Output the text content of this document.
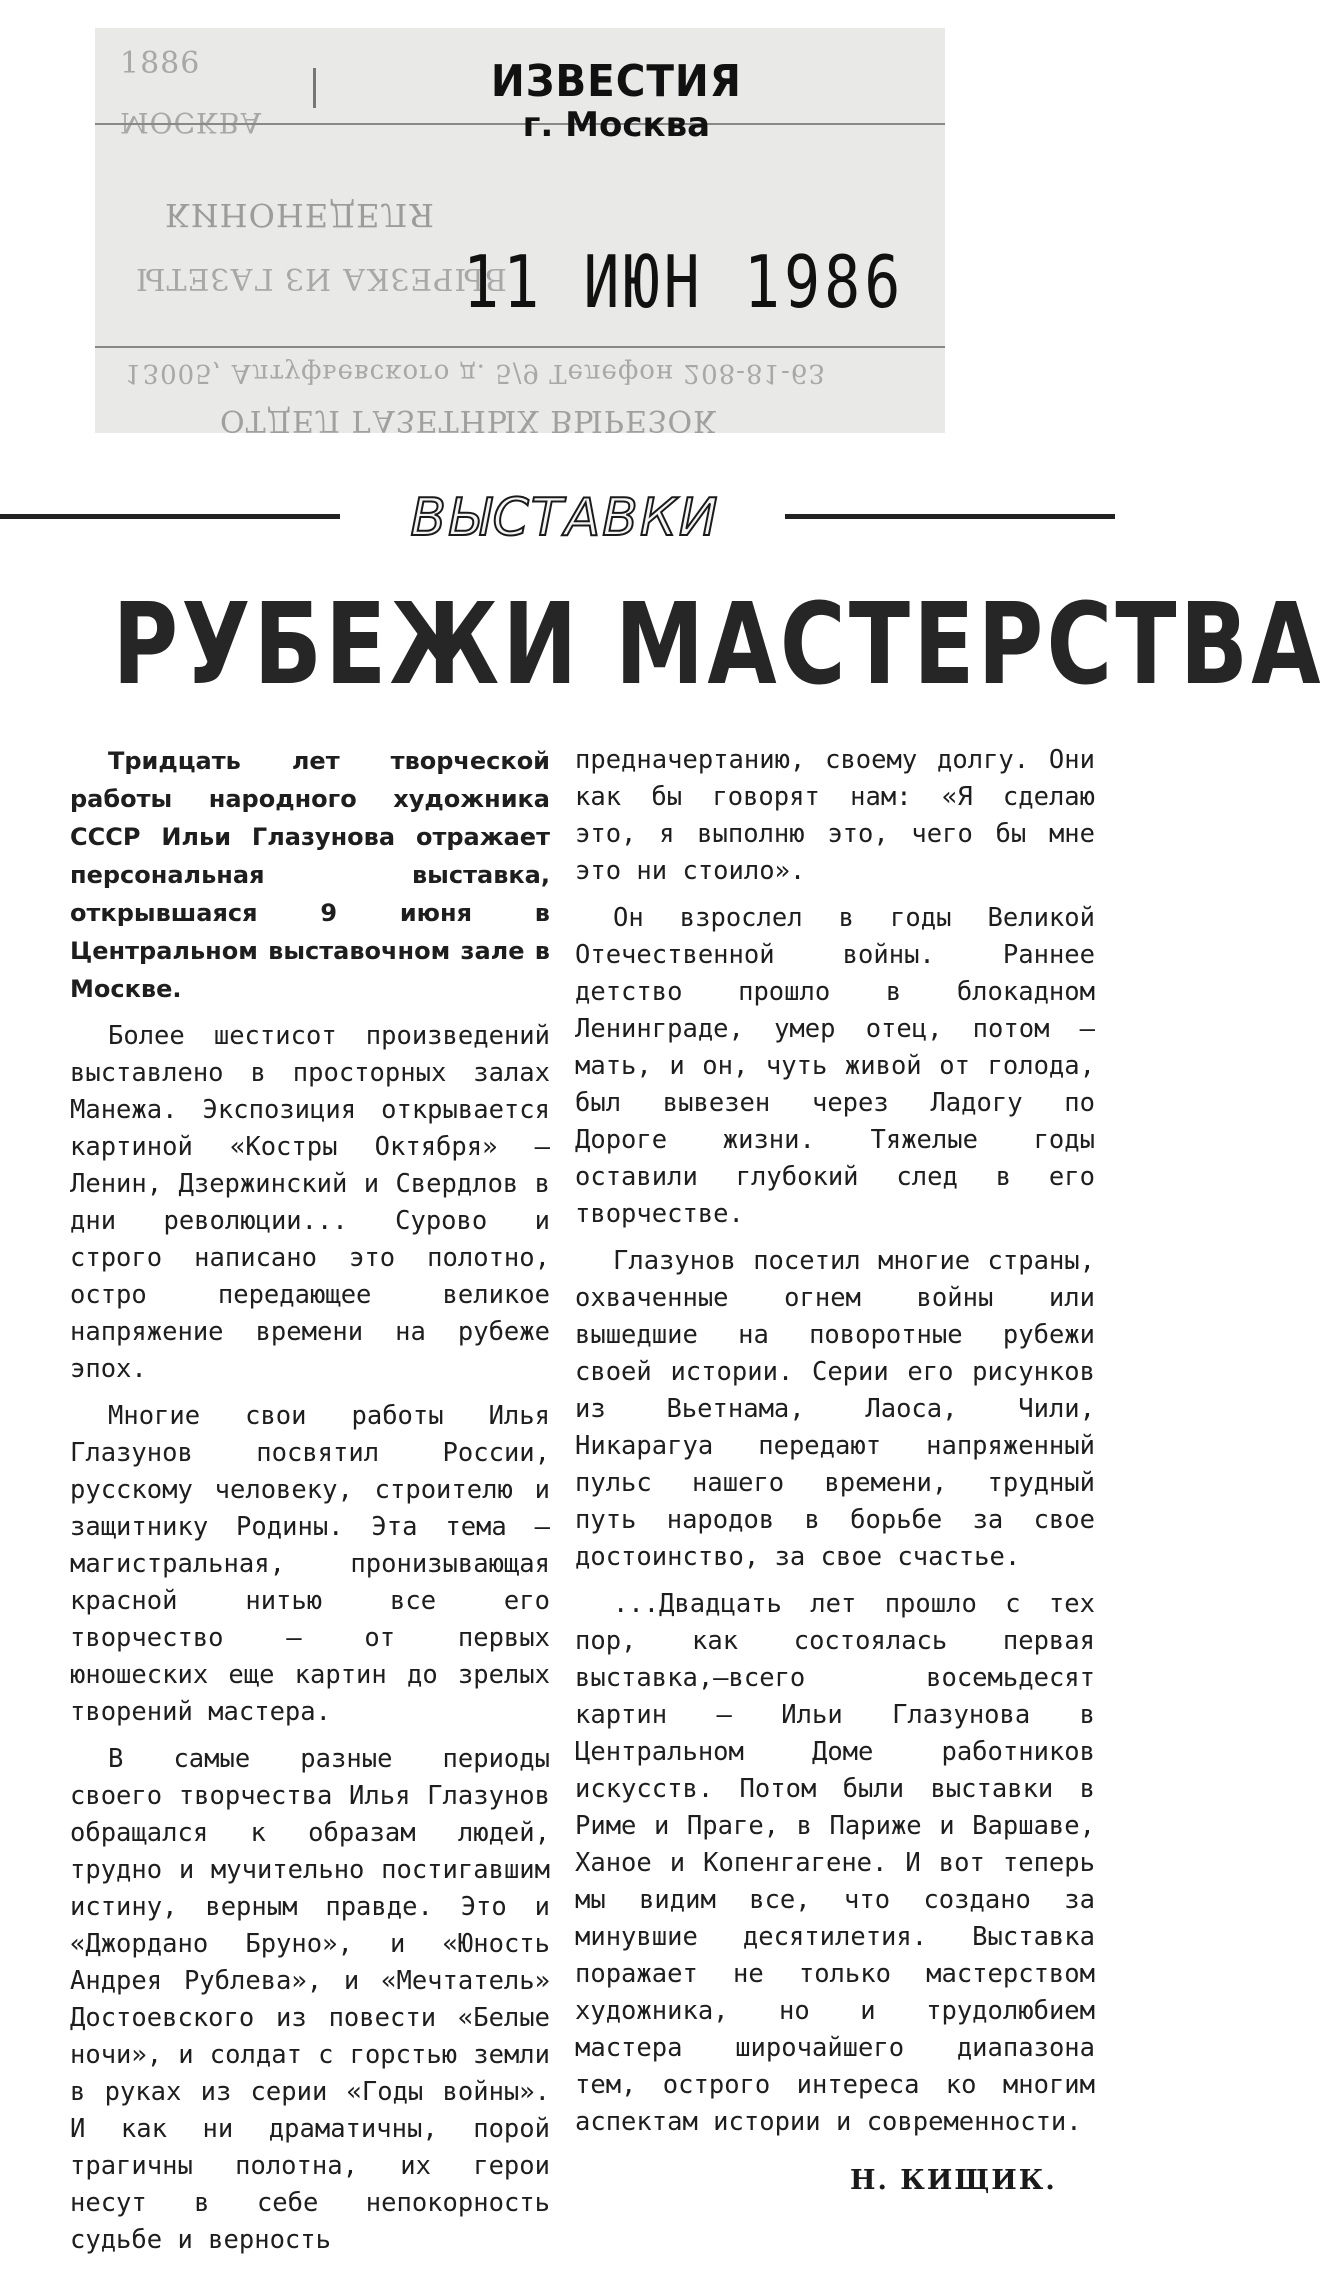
1886
МОСКВА
КИНОНЕДЕЛЯ
ВЫРЕЗКА ИЗ ГАЗЕТЫ
13005, Алтуфьевского д. 5/9 Телефон 208-81-63
ОТДЕЛ ГАЗЕТНЫХ ВЫРЕЗОК
ИЗВЕСТИЯ
г. Москва
11 ИЮН 1986
ВЫСТАВКИ
РУБЕЖИ МАСТЕРСТВА

Тридцать лет творческой работы народного художника СССР Ильи Глазунова отражает персональная выставка, открывшаяся 9 июня в Центральном выставочном зале в Москве.

Более шестисот произведений выставлено в просторных залах Манежа. Экспозиция открывается картиной «Костры Октября» — Ленин, Дзержинский и Свердлов в дни революции... Сурово и строго написано это полотно, остро передающее великое напряжение времени на рубеже эпох.

Многие свои работы Илья Глазунов посвятил России, русскому человеку, строителю и защитнику Родины. Эта тема — магистральная, пронизывающая красной нитью все его творчество — от первых юношеских еще картин до зрелых творений мастера.

В самые разные периоды своего творчества Илья Глазунов обращался к образам людей, трудно и мучительно постигавшим истину, верным правде. Это и «Джордано Бруно», и «Юность Андрея Рублева», и «Мечтатель» Достоевского из повести «Белые ночи», и солдат с горстью земли в руках из серии «Годы войны». И как ни драматичны, порой трагичны полотна, их герои несут в себе непокорность судьбе и верность

предначертанию, своему долгу. Они как бы говорят нам: «Я сделаю это, я выполню это, чего бы мне это ни стоило».

Он взрослел в годы Великой Отечественной войны. Раннее детство прошло в блокадном Ленинграде, умер отец, потом — мать, и он, чуть живой от голода, был вывезен через Ладогу по Дороге жизни. Тяжелые годы оставили глубокий след в его творчестве.

Глазунов посетил многие страны, охваченные огнем войны или вышедшие на поворотные рубежи своей истории. Серии его рисунков из Вьетнама, Лаоса, Чили, Никарагуа передают напряженный пульс нашего времени, трудный путь народов в борьбе за свое достоинство, за свое счастье.

...Двадцать лет прошло с тех пор, как состоялась первая выставка,—всего восемьдесят картин — Ильи Глазунова в Центральном Доме работников искусств. Потом были выставки в Риме и Праге, в Париже и Варшаве, Ханое и Копенгагене. И вот теперь мы видим все, что создано за минувшие десятилетия. Выставка поражает не только мастерством художника, но и трудолюбием мастера широчайшего диапазона тем, острого интереса ко многим аспектам истории и современности.

Н. КИЩИК.
